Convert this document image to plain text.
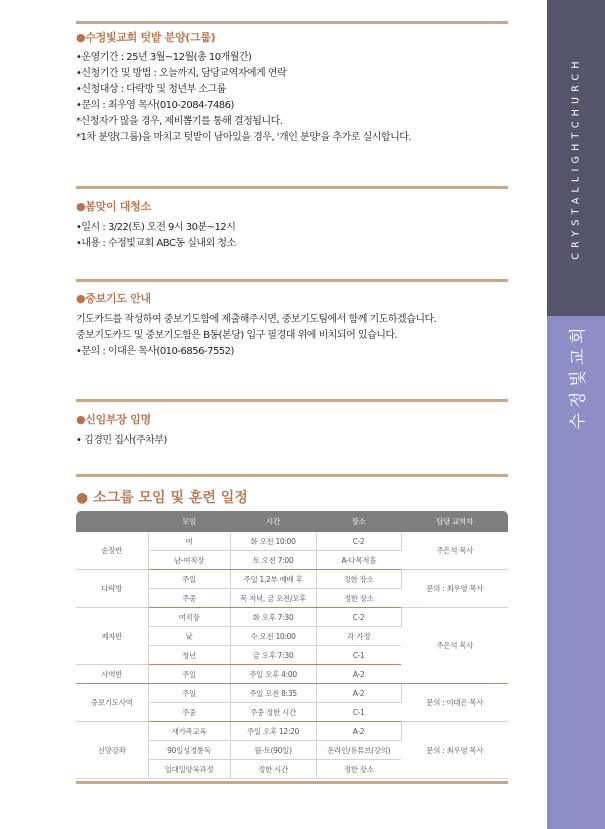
CRYSTALLIGHTCHURCH
수정빛교회
●수정빛교회 텃밭 분양(그룹)
•운영기간 : 25년 3월~12월(총 10개월간)
•신청기간 및 방법 : 오늘까지, 담당교역자에게 연락
•신청대상 : 다락방 및 청년부 소그룹
•문의 : 최우영 목사(010-2084-7486)
*신청자가 많을 경우, 제비뽑기를 통해 결정됩니다.
*1차 분양(그룹)을 마치고 텃밭이 남아있을 경우, '개인 분양'을 추가로 실시합니다.
●봄맞이 대청소
•일시 : 3/22(토) 오전 9시 30분~12시
•내용 : 수정빛교회 ABC동 실내외 청소
●중보기도 안내
기도카드를 작성하여 중보기도함에 제출해주시면, 중보기도팀에서 함께 기도하겠습니다.
중보기도카드 및 중보기도함은 B동(본당) 입구 필경대 위에 비치되어 있습니다.
•문의 : 이대은 목사(010-6856-7552)
●신임부장 임명
• 김경민 집사(주차부)
● 소그룹 모임 및 훈련 일정
	모임	시간	장소	담당 교역자
순장반	여	화 오전 10:00	C-2	주은석 목사
	남-여직장	토 오전 7:00	A-다목적홀	
다락방	주일	주일 1,2부 예배 후	정한 장소	문의 : 최우영 목사
	주중	목 저녁, 금 오전/오후	정한 장소	
제자반	여직장	화 오후 7:30	C-2	주은석 목사
	낮	수 오전 10:00	각 가정	
	청년	금 오후 7:30	C-1	
사역반	주일	주일 오후 4:00	A-2	
중보기도사역	주일	주일 오전 8:35	A-2	문의 : 이대은 목사
	주중	주중 정한 시간	C-1	
신망강좌	새가족교육	주일 오후 12:20	A-2	문의 : 최우영 목사
	90일성경통독	월-토(90일)	온라인/유튜브(강의)	
	일대일양육과정	정한 시간	정한 장소	
